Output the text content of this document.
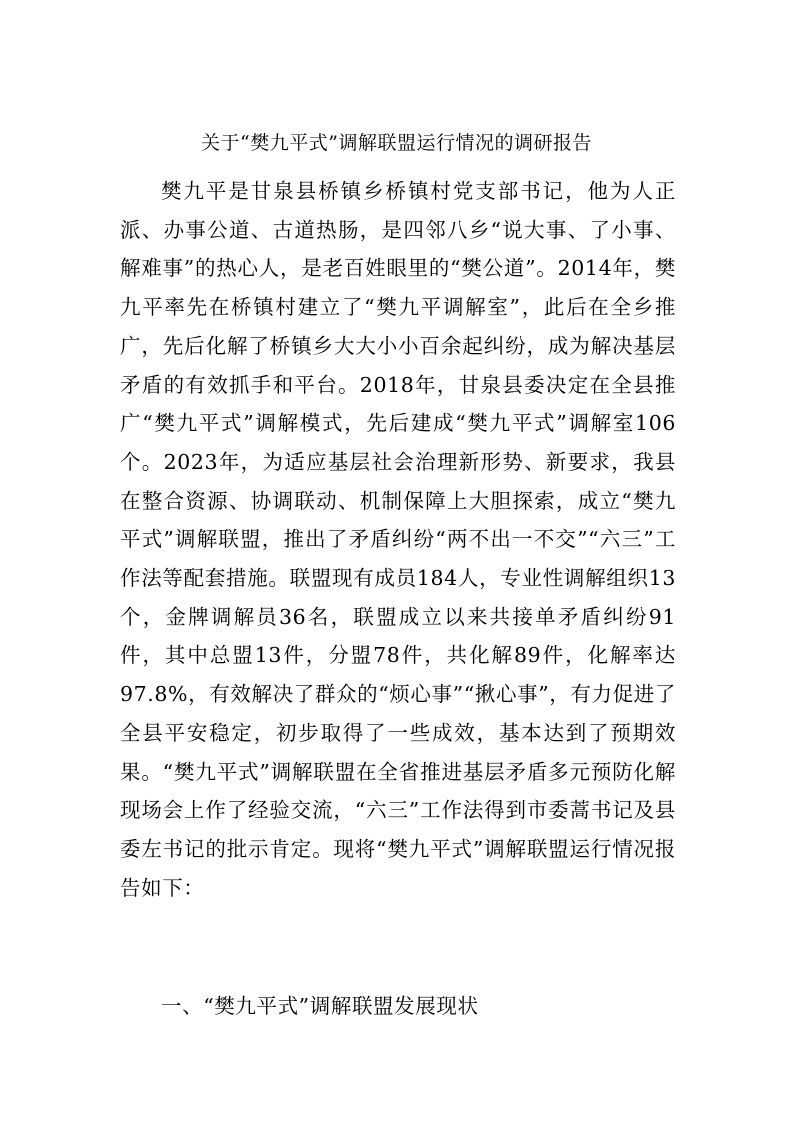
关于“樊九平式”调解联盟运行情况的调研报告

樊九平是甘泉县桥镇乡桥镇村党支部书记，他为人正派、办事公道、古道热肠，是四邻八乡“说大事、了小事、解难事”的热心人，是老百姓眼里的“樊公道”。2014年，樊九平率先在桥镇村建立了“樊九平调解室”，此后在全乡推广，先后化解了桥镇乡大大小小百余起纠纷，成为解决基层矛盾的有效抓手和平台。2018年，甘泉县委决定在全县推广“樊九平式”调解模式，先后建成“樊九平式”调解室106个。2023年，为适应基层社会治理新形势、新要求，我县在整合资源、协调联动、机制保障上大胆探索，成立“樊九平式”调解联盟，推出了矛盾纠纷“两不出一不交”“六三”工作法等配套措施。联盟现有成员184人，专业性调解组织13个，金牌调解员36名，联盟成立以来共接单矛盾纠纷91件，其中总盟13件，分盟78件，共化解89件，化解率达97.8%，有效解决了群众的“烦心事”“揪心事”，有力促进了全县平安稳定，初步取得了一些成效，基本达到了预期效果。“樊九平式”调解联盟在全省推进基层矛盾多元预防化解现场会上作了经验交流，“六三”工作法得到市委蒿书记及县委左书记的批示肯定。现将“樊九平式”调解联盟运行情况报告如下：

一、“樊九平式”调解联盟发展现状
